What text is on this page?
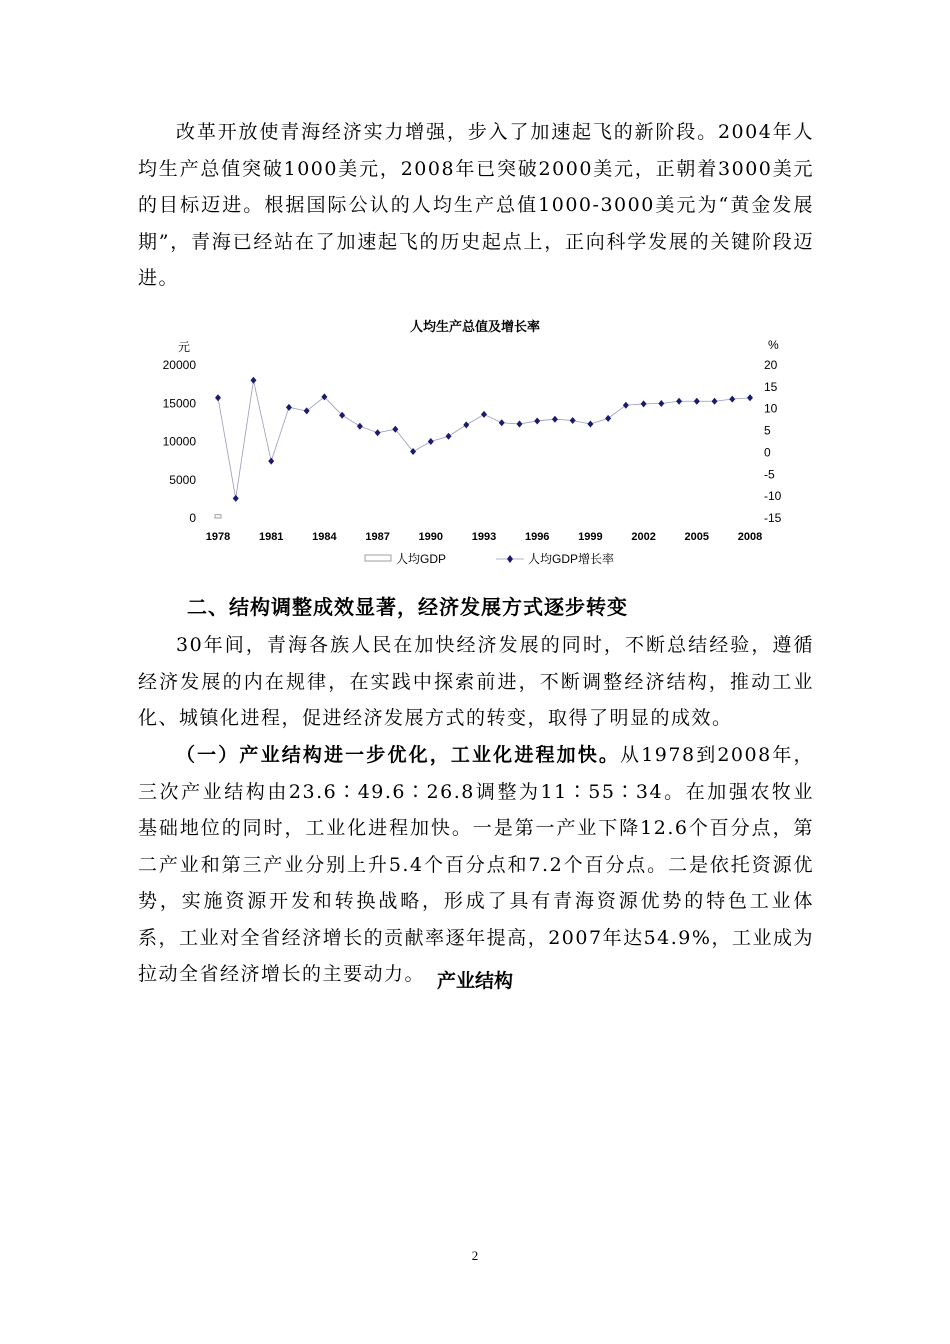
改革开放使青海经济实力增强，步入了加速起飞的新阶段。2004年人均生产总值突破1000美元，2008年已突破2000美元，正朝着3000美元的目标迈进。根据国际公认的人均生产总值1000-3000美元为“黄金发展期”，青海已经站在了加速起飞的历史起点上，正向科学发展的关键阶段迈进。

人均生产总值及增长率
元	%
0
5000
10000
15000
20000
-15
-10
-5
0
5
10
15
20
1978	1981	1984	1987	1990	1993	1996	1999	2002	2005	2008
人均GDP	人均GDP增长率
二、结构调整成效显著，经济发展方式逐步转变

30年间，青海各族人民在加快经济发展的同时，不断总结经验，遵循经济发展的内在规律，在实践中探索前进，不断调整经济结构，推动工业化、城镇化进程，促进经济发展方式的转变，取得了明显的成效。

（一）产业结构进一步优化，工业化进程加快。从1978到2008年，三次产业结构由23.6∶49.6∶26.8调整为11∶55∶34。在加强农牧业基础地位的同时，工业化进程加快。一是第一产业下降12.6个百分点，第二产业和第三产业分别上升5.4个百分点和7.2个百分点。二是依托资源优势，实施资源开发和转换战略，形成了具有青海资源优势的特色工业体系，工业对全省经济增长的贡献率逐年提高，2007年达54.9%，工业成为拉动全省经济增长的主要动力。 产业结构

2
